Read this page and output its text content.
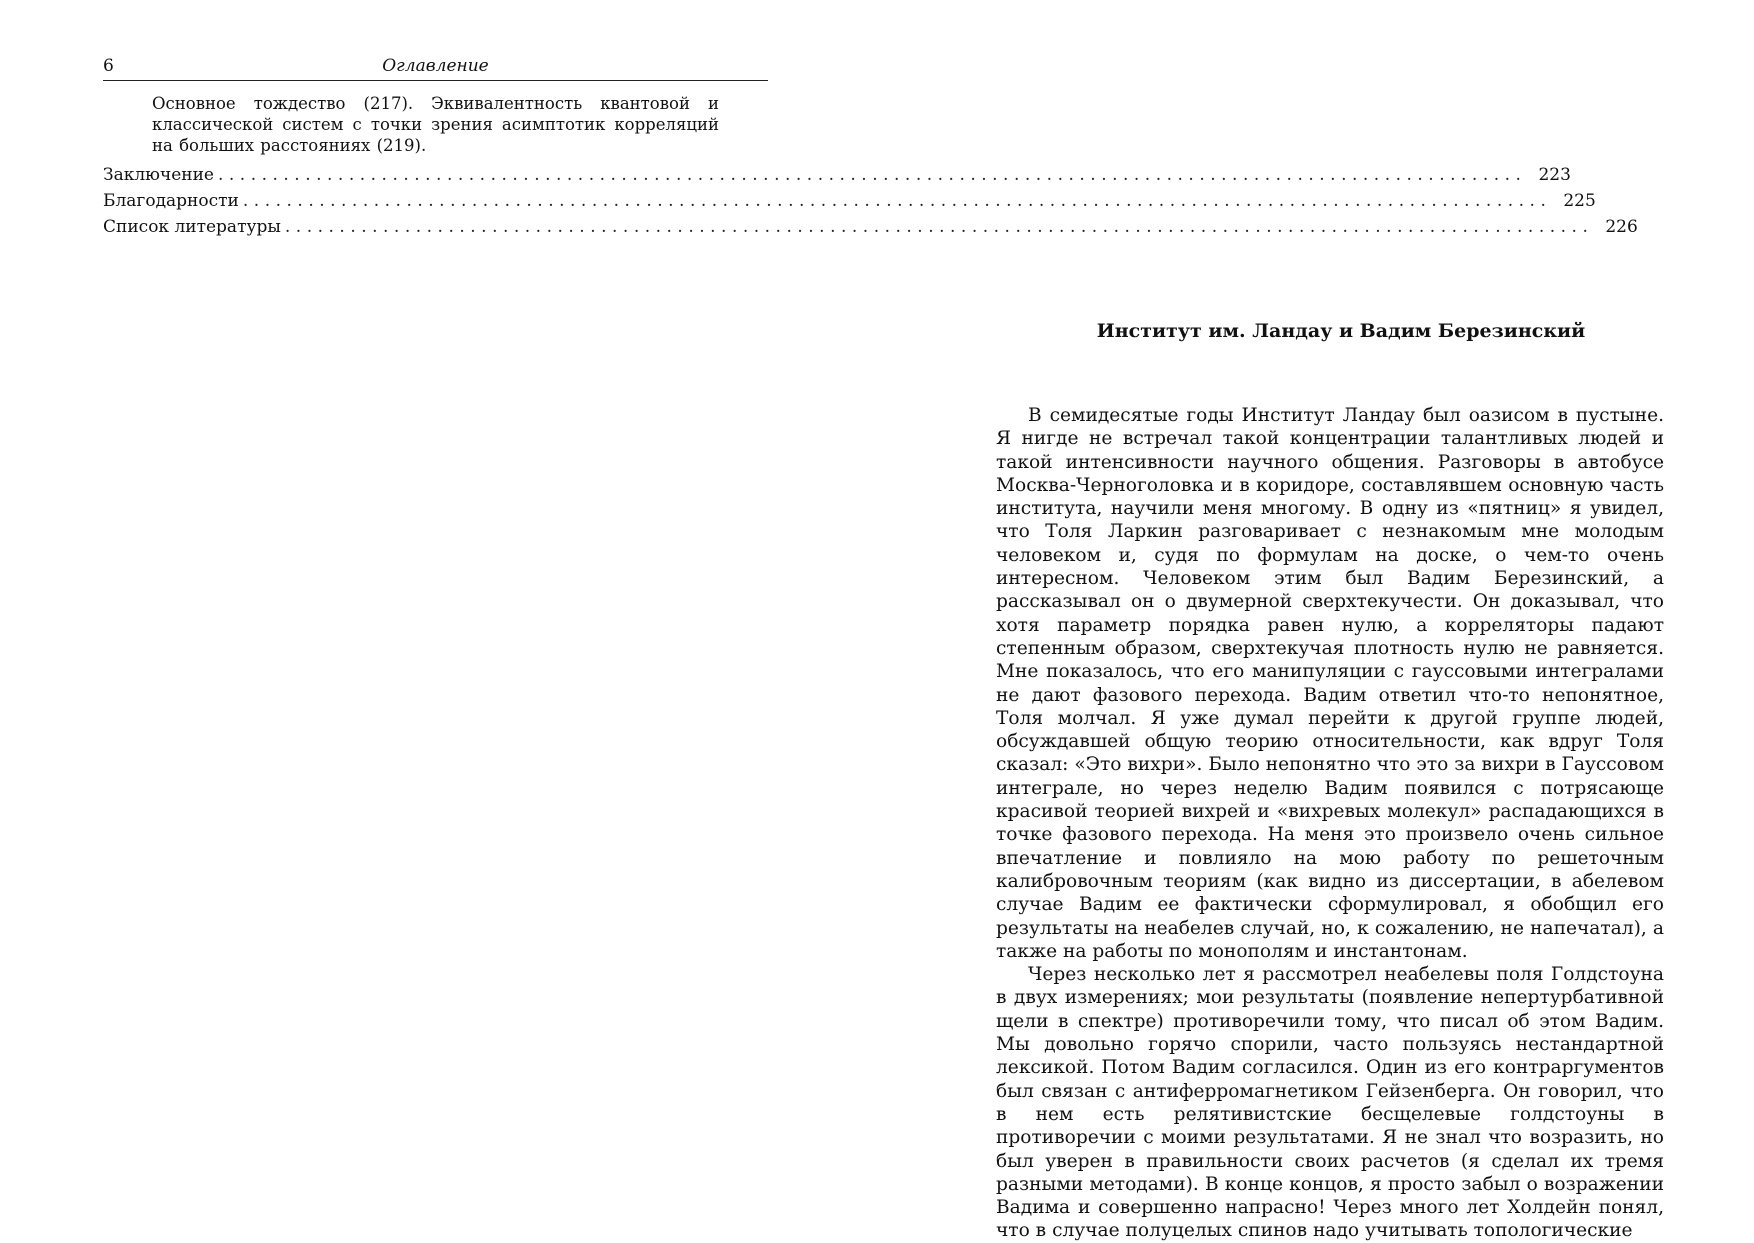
6	Оглавление
Основное тождество (217). Эквивалентность квантовой и классической систем с точки зрения асимптотик корреляций на больших расстояниях (219).
Заключение ........................................................................................................................ 223
Благодарности ........................................................................................................................ 225
Список литературы ........................................................................................................................ 226
Институт им. Ландау и Вадим Березинский

В семидесятые годы Институт Ландау был оазисом в пустыне. Я нигде не встречал такой концентрации талантливых людей и такой интенсивности научного общения. Разговоры в автобусе Москва-Черноголовка и в коридоре, составлявшем основную часть института, научили меня многому. В одну из «пятниц» я увидел, что Толя Ларкин разговаривает с незнакомым мне молодым человеком и, судя по формулам на доске, о чем-то очень интересном. Человеком этим был Вадим Березинский, а рассказывал он о двумерной сверхтекучести. Он доказывал, что хотя параметр порядка равен нулю, а корреляторы падают степенным образом, сверхтекучая плотность нулю не равняется. Мне показалось, что его манипуляции с гауссовыми интегралами не дают фазового перехода. Вадим ответил что-то непонятное, Толя молчал. Я уже думал перейти к другой группе людей, обсуждавшей общую теорию относительности, как вдруг Толя сказал: «Это вихри». Было непонятно что это за вихри в Гауссовом интеграле, но через неделю Вадим появился с потрясающе красивой теорией вихрей и «вихревых молекул» распадающихся в точке фазового перехода. На меня это произвело очень сильное впечатление и повлияло на мою работу по решеточным калибровочным теориям (как видно из диссертации, в абелевом случае Вадим ее фактически сформулировал, я обобщил его результаты на неабелев случай, но, к сожалению, не напечатал), а также на работы по монополям и инстантонам.

Через несколько лет я рассмотрел неабелевы поля Голдстоуна в двух измерениях; мои результаты (появление непертурбативной щели в спектре) противоречили тому, что писал об этом Вадим. Мы довольно горячо спорили, часто пользуясь нестандартной лексикой. Потом Вадим согласился. Один из его контраргументов был связан с антиферромагнетиком Гейзенберга. Он говорил, что в нем есть релятивистские бесщелевые голдстоуны в противоречии с моими результатами. Я не знал что возразить, но был уверен в правильности своих расчетов (я сделал их тремя разными методами). В конце концов, я просто забыл о возражении Вадима и совершенно напрасно! Через много лет Холдейн понял, что в случае полуцелых спинов надо учитывать топологические
